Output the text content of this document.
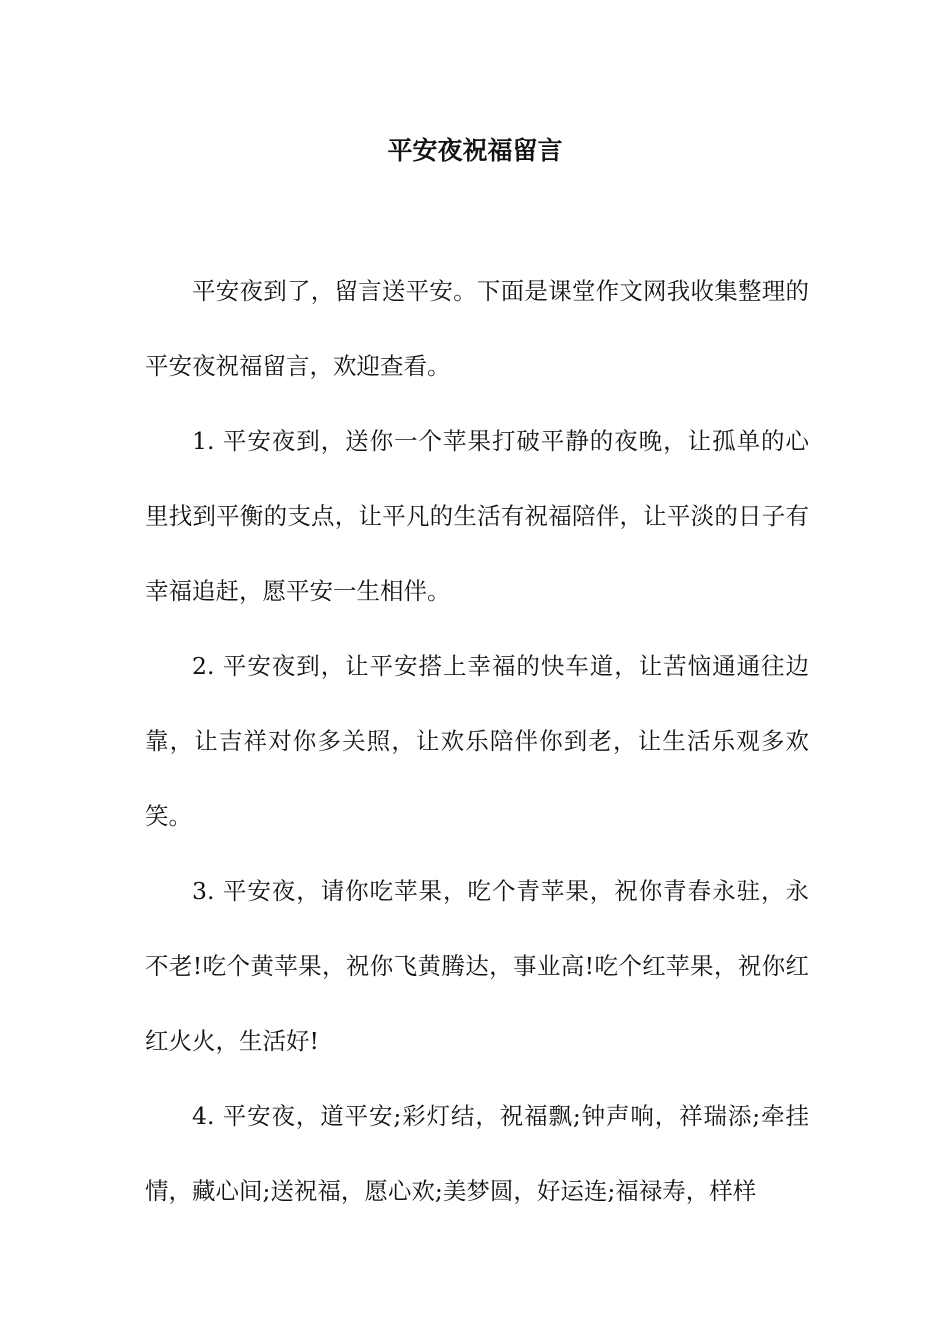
平安夜祝福留言

平安夜到了，留言送平安。下面是课堂作文网我收集整理的平安夜祝福留言，欢迎查看。

1. 平安夜到，送你一个苹果打破平静的夜晚，让孤单的心里找到平衡的支点，让平凡的生活有祝福陪伴，让平淡的日子有幸福追赶，愿平安一生相伴。

2. 平安夜到，让平安搭上幸福的快车道，让苦恼通通往边靠，让吉祥对你多关照，让欢乐陪伴你到老，让生活乐观多欢笑。

3. 平安夜，请你吃苹果，吃个青苹果，祝你青春永驻，永不老!吃个黄苹果，祝你飞黄腾达，事业高!吃个红苹果，祝你红红火火，生活好!

4. 平安夜，道平安;彩灯结，祝福飘;钟声响，祥瑞添;牵挂情，藏心间;送祝福，愿心欢;美梦圆，好运连;福禄寿，样样
